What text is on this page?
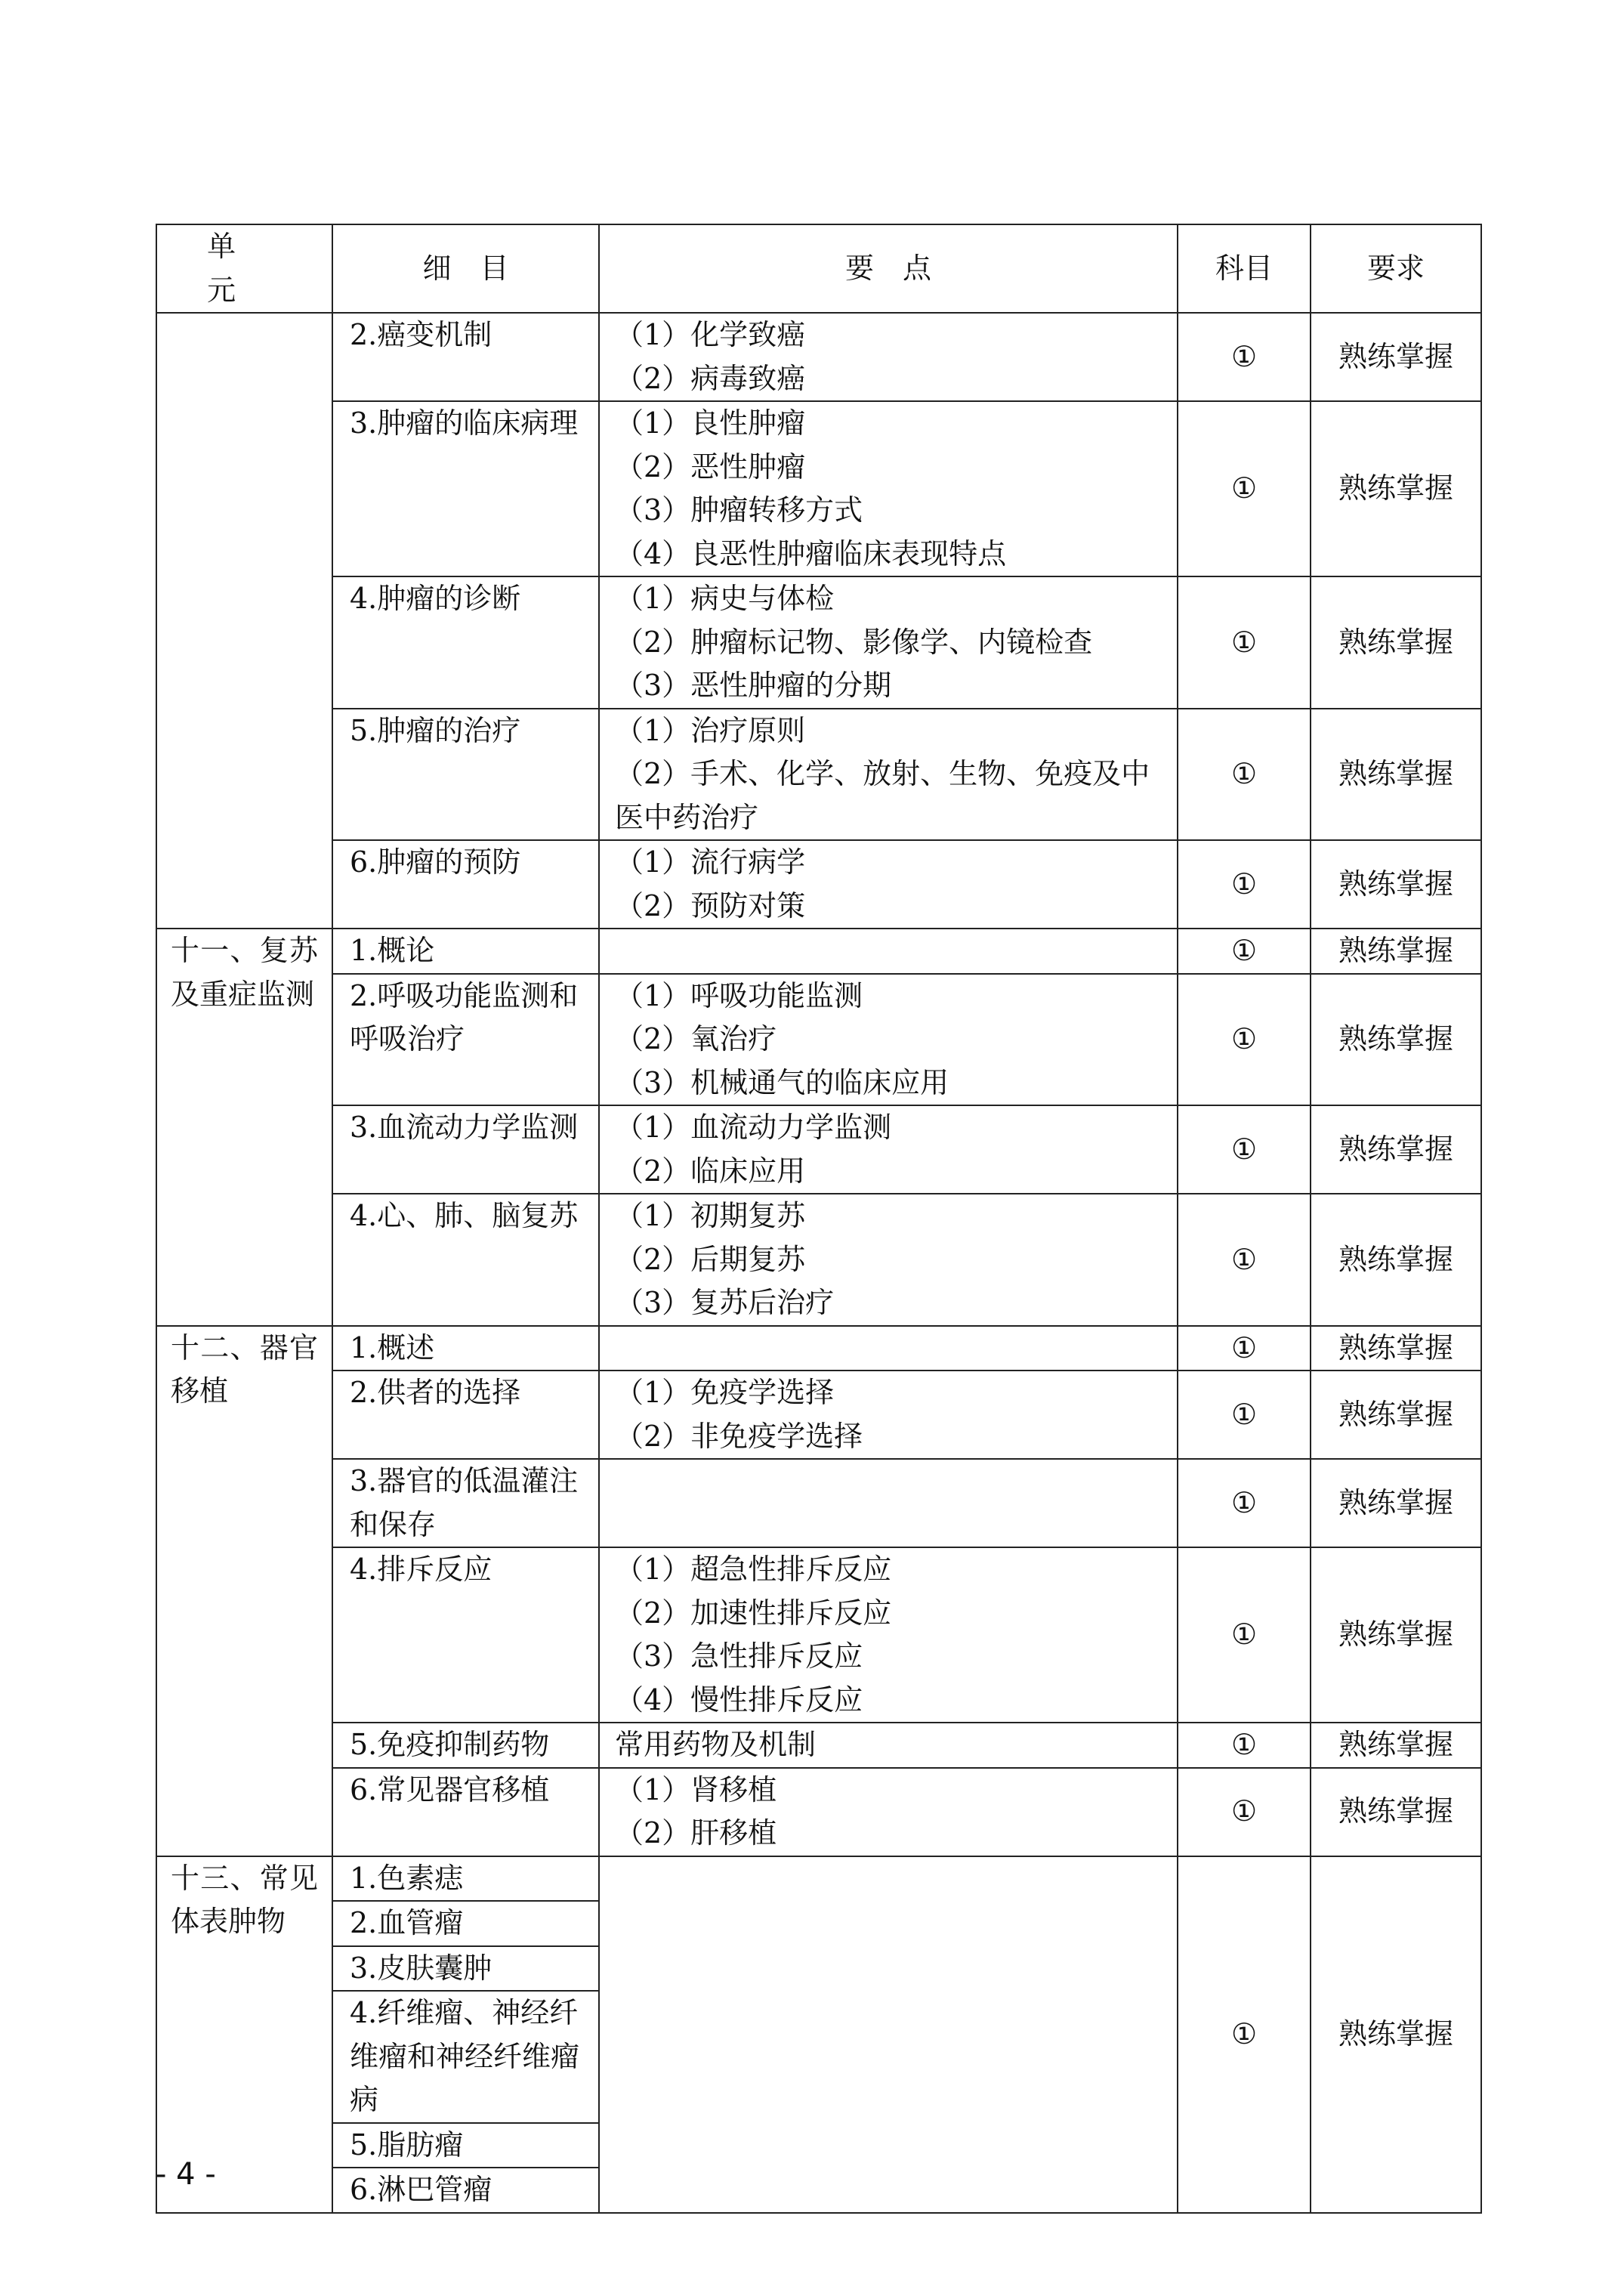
单　元	细　目	要　点	科目	要求
	2.癌变机制	（1）化学致癌
（2）病毒致癌	①	熟练掌握
	3.肿瘤的临床病理	（1）良性肿瘤
（2）恶性肿瘤
（3）肿瘤转移方式
（4）良恶性肿瘤临床表现特点	①	熟练掌握
	4.肿瘤的诊断	（1）病史与体检
（2）肿瘤标记物、影像学、内镜检查
（3）恶性肿瘤的分期	①	熟练掌握
	5.肿瘤的治疗	（1）治疗原则
（2）手术、化学、放射、生物、免疫及中医中药治疗	①	熟练掌握
	6.肿瘤的预防	（1）流行病学
（2）预防对策	①	熟练掌握
十一、复苏及重症监测	1.概论		①	熟练掌握
	2.呼吸功能监测和呼吸治疗	（1）呼吸功能监测
（2）氧治疗
（3）机械通气的临床应用	①	熟练掌握
	3.血流动力学监测	（1）血流动力学监测
（2）临床应用	①	熟练掌握
	4.心、肺、脑复苏	（1）初期复苏
（2）后期复苏
（3）复苏后治疗	①	熟练掌握
十二、器官移植	1.概述		①	熟练掌握
	2.供者的选择	（1）免疫学选择
（2）非免疫学选择	①	熟练掌握
	3.器官的低温灌注和保存		①	熟练掌握
	4.排斥反应	（1）超急性排斥反应
（2）加速性排斥反应
（3）急性排斥反应
（4）慢性排斥反应	①	熟练掌握
	5.免疫抑制药物	常用药物及机制	①	熟练掌握
	6.常见器官移植	（1）肾移植
（2）肝移植	①	熟练掌握
十三、常见体表肿物	1.色素痣		①	熟练掌握
	2.血管瘤			
	3.皮肤囊肿			
	4.纤维瘤、神经纤维瘤和神经纤维瘤病			
	5.脂肪瘤			
	6.淋巴管瘤			
- 4 -
